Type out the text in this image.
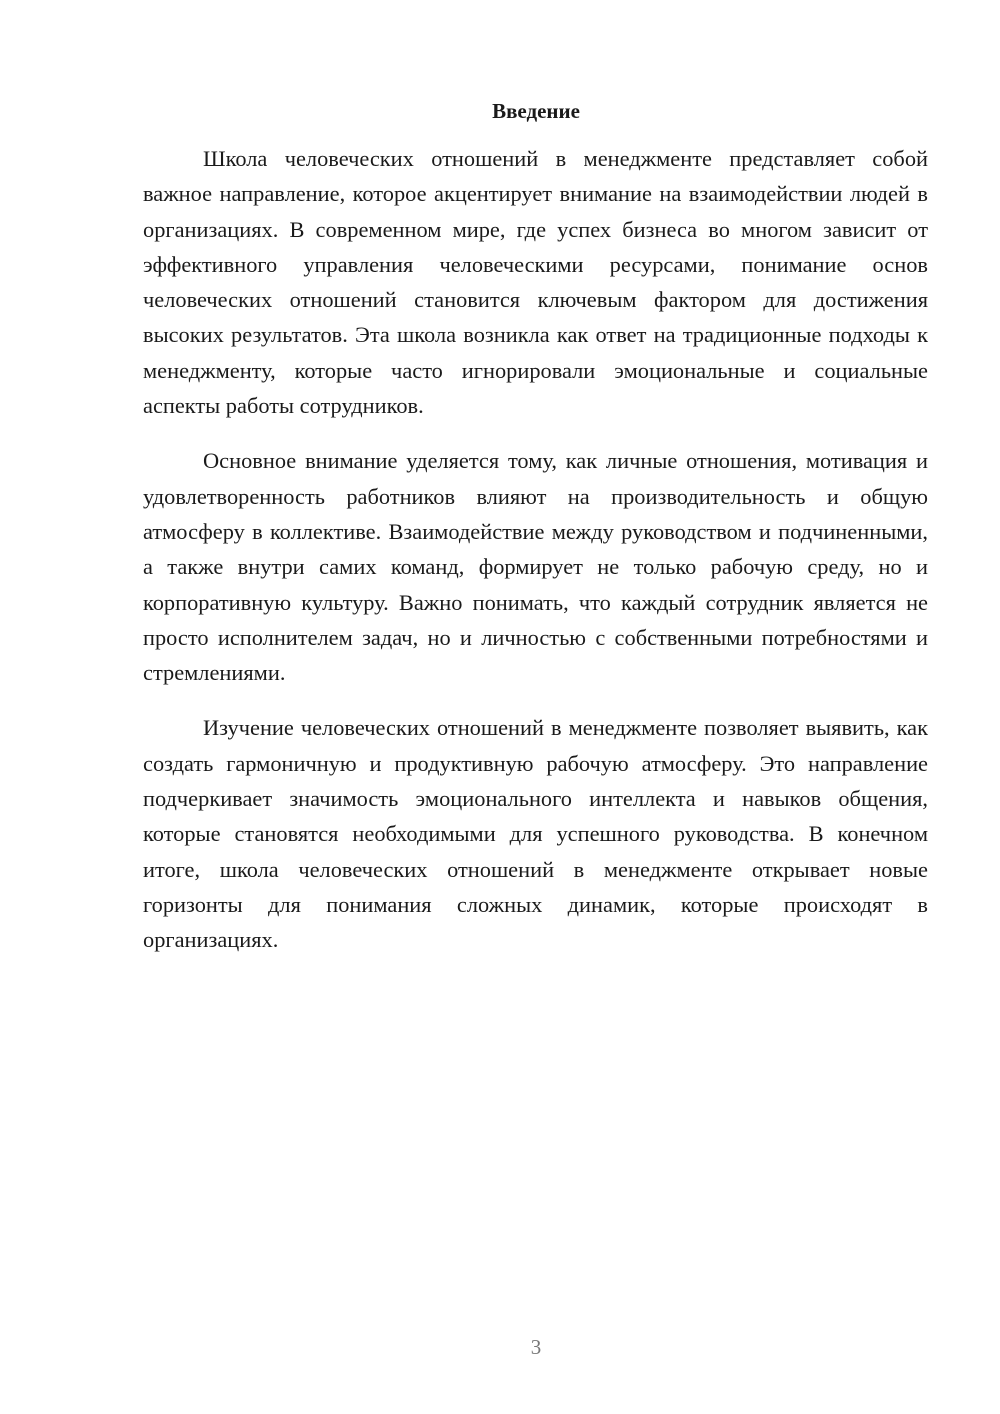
Введение

Школа человеческих отношений в менеджменте представляет собой важное направление, которое акцентирует внимание на взаимодействии людей в организациях. В современном мире, где успех бизнеса во многом зависит от эффективного управления человеческими ресурсами, понимание основ человеческих отношений становится ключевым фактором для достижения высоких результатов. Эта школа возникла как ответ на традиционные подходы к менеджменту, которые часто игнорировали эмоциональные и социальные аспекты работы сотрудников.

Основное внимание уделяется тому, как личные отношения, мотивация и удовлетворенность работников влияют на производительность и общую атмосферу в коллективе. Взаимодействие между руководством и подчиненными, а также внутри самих команд, формирует не только рабочую среду, но и корпоративную культуру. Важно понимать, что каждый сотрудник является не просто исполнителем задач, но и личностью с собственными потребностями и стремлениями.

Изучение человеческих отношений в менеджменте позволяет выявить, как создать гармоничную и продуктивную рабочую атмосферу. Это направление подчеркивает значимость эмоционального интеллекта и навыков общения, которые становятся необходимыми для успешного руководства. В конечном итоге, школа человеческих отношений в менеджменте открывает новые горизонты для понимания сложных динамик, которые происходят в организациях.

3
